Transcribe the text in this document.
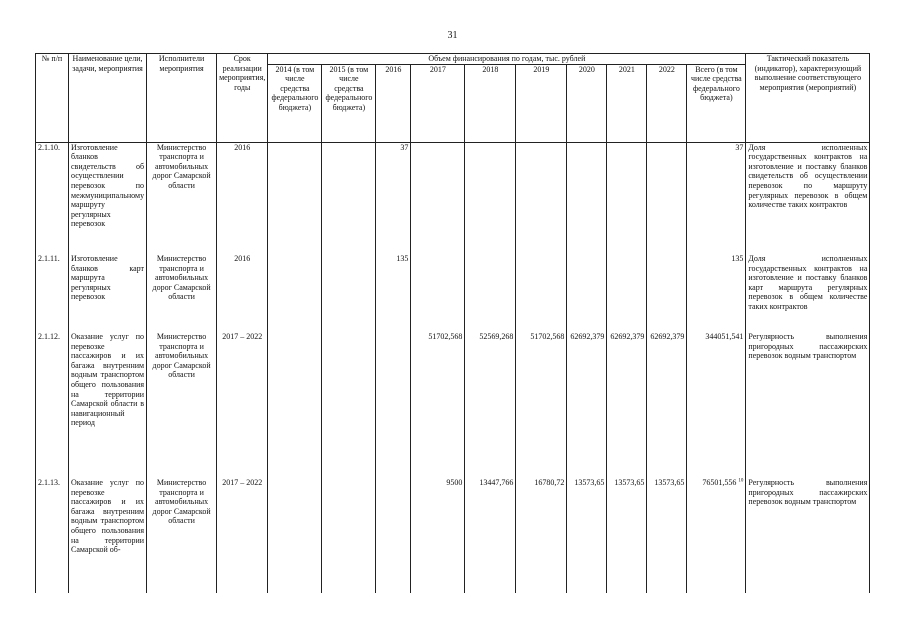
31
№ п/п	Наименование цели, задачи, мероприятия	Исполнители мероприятия	Срок реализации мероприятия, годы	Объем финансирования по годам, тыс. рублей										Тактический показатель (индикатор), характеризующий выполнение соответствующего мероприятия (мероприятий)
				2014 (в том числе средства федерального бюджета)	2015 (в том числе средства федерального бюджета)	2016	2017	2018	2019	2020	2021	2022	Всего (в том числе средства федерального бюджета)	
2.1.10.	Изготовление бланков свидетельств об осуществлении перевозок по межмуниципальному маршруту регулярных перевозок	Министерство транспорта и автомобильных дорог Самарской области	2016			37							37	Доля исполненных государственных контрактов на изготовление и поставку бланков свидетельств об осуществлении перевозок по маршруту регулярных перевозок в общем количестве таких контрактов
2.1.11.	Изготовление бланков карт маршрута регулярных перевозок	Министерство транспорта и автомобильных дорог Самарской области	2016			135							135	Доля исполненных государственных контрактов на изготовление и поставку бланков карт маршрута регулярных перевозок в общем количестве таких контрактов
2.1.12.	Оказание услуг по перевозке пассажиров и их багажа внутренним водным транспортом общего пользования на территории Самарской области в навигационный период	Министерство транспорта и автомобильных дорог Самарской области	2017 – 2022				51702,568	52569,268	51702,568	62692,379	62692,379	62692,379	344051,541	Регулярность выполнения пригородных пассажирских перевозок водным транспортом
2.1.13.	Оказание услуг по перевозке пассажиров и их багажа внутренним водным транспортом общего пользования на территории Самарской об-	Министерство транспорта и автомобильных дорог Самарской области	2017 – 2022				9500	13447,766	16780,72	13573,65	13573,65	13573,65	76501,556 $^{10}$	Регулярность выполнения пригородных пассажирских перевозок водным транспортом
